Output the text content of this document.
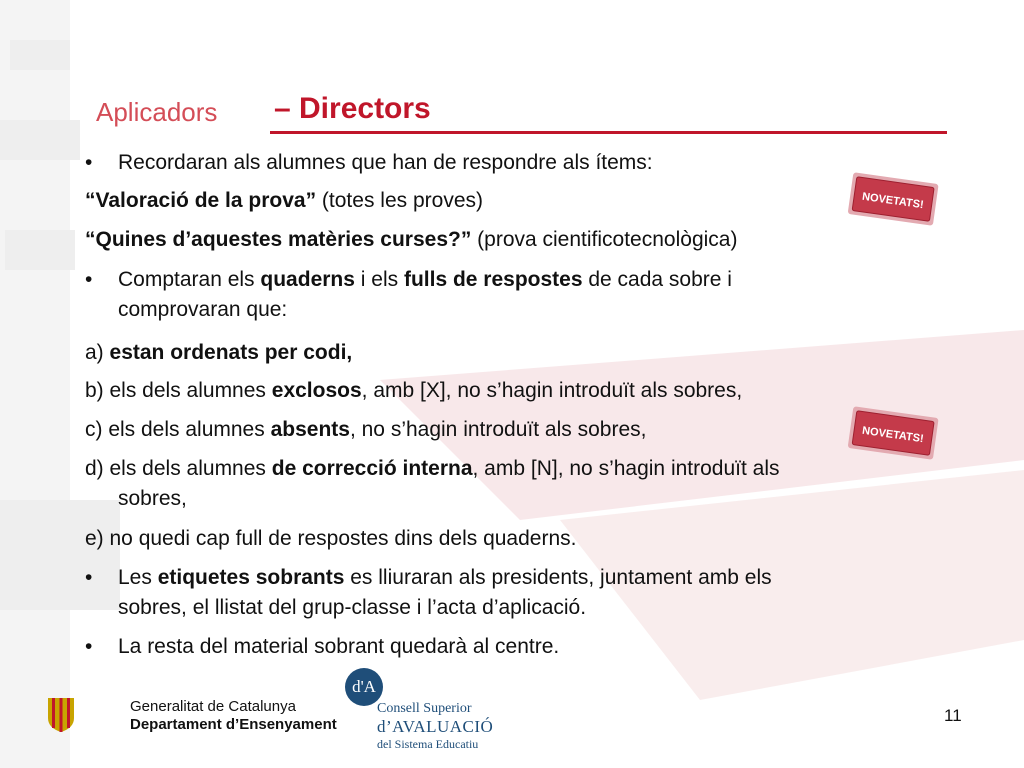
Aplicadors – Directors
•	Recordaran als alumnes que han de respondre als ítems:
“Valoració de la prova” (totes les proves)
“Quines d’aquestes matèries curses?” (prova cientificotecnològica)
•	Comptaran els quaderns i els fulls de respostes de cada sobre i
comprovaran que:
a) estan ordenats per codi,
b) els dels alumnes exclosos, amb [X], no s’hagin introduït als sobres,
c) els dels alumnes absents, no s’hagin introduït als sobres,
d) els dels alumnes de correcció interna, amb [N], no s’hagin introduït als
sobres,
e) no quedi cap full de respostes dins dels quaderns.
•	Les etiquetes sobrants es lliuraran als presidents, juntament amb els
sobres, el llistat del grup-classe i l’acta d’aplicació.
•	La resta del material sobrant quedarà al centre.
NOVETATS!
NOVETATS!
Generalitat de Catalunya
Departament d’Ensenyament
d'A
Consell Superior
d’AVALUACIÓ
del Sistema Educatiu
11
